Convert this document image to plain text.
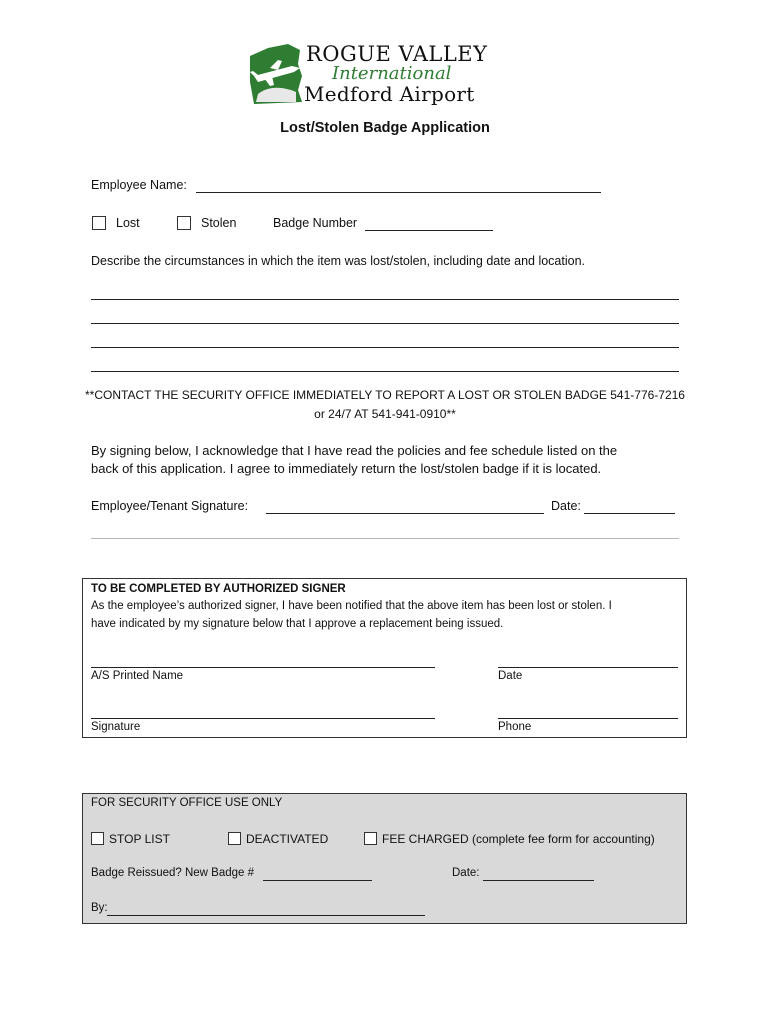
ROGUE VALLEY
International
Medford Airport
Lost/Stolen Badge Application
Employee Name:
Lost	Stolen	Badge Number
Describe the circumstances in which the item was lost/stolen, including date and location.
**CONTACT THE SECURITY OFFICE IMMEDIATELY TO REPORT A LOST OR STOLEN BADGE 541-776-7216
or 24/7 AT 541-941-0910**
By signing below, I acknowledge that I have read the policies and fee schedule listed on the
back of this application. I agree to immediately return the lost/stolen badge if it is located.
Employee/Tenant Signature:	Date:
TO BE COMPLETED BY AUTHORIZED SIGNER
As the employee’s authorized signer, I have been notified that the above item has been lost or stolen. I
have indicated by my signature below that I approve a replacement being issued.
A/S Printed Name	Date
Signature	Phone
FOR SECURITY OFFICE USE ONLY
STOP LIST	DEACTIVATED	FEE CHARGED (complete fee form for accounting)
Badge Reissued? New Badge #	Date:
By:
